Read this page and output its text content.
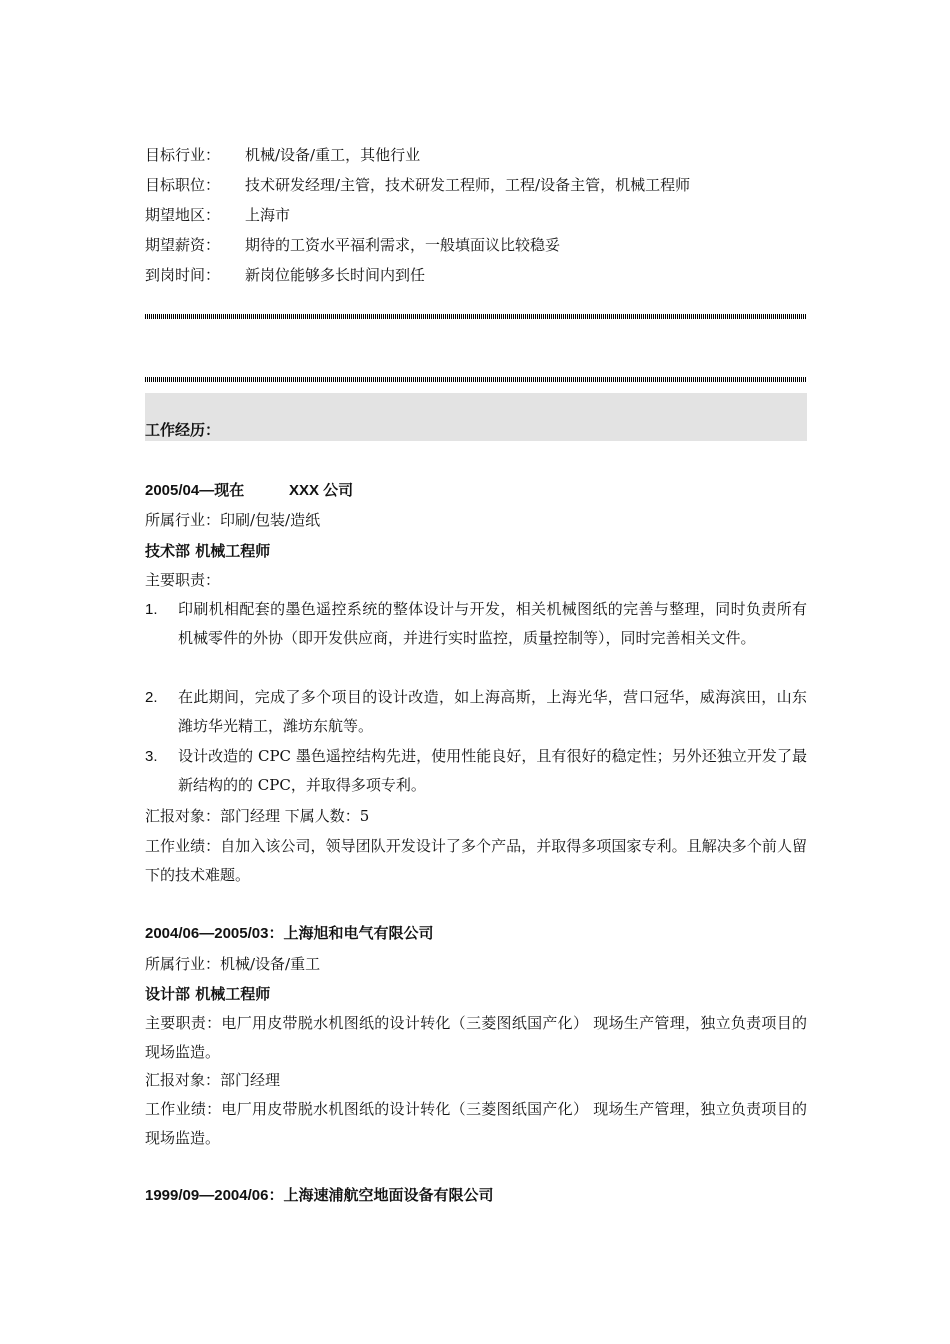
目标行业： 机械/设备/重工，其他行业
目标职位： 技术研发经理/主管，技术研发工程师，工程/设备主管，机械工程师
期望地区： 上海市
期望薪资： 期待的工资水平福利需求，一般填面议比较稳妥
到岗时间： 新岗位能够多长时间内到任
工作经历：
2005/04—现在	XXX 公司
所属行业：印刷/包装/造纸
技术部 机械工程师
主要职责：
1. 印刷机相配套的墨色遥控系统的整体设计与开发，相关机械图纸的完善与整理，同时负责所有机械零件的外协（即开发供应商，并进行实时监控，质量控制等），同时完善相关文件。
2. 在此期间，完成了多个项目的设计改造，如上海高斯，上海光华，营口冠华，威海滨田，山东潍坊华光精工，潍坊东航等。
3. 设计改造的 CPC 墨色遥控结构先进，使用性能良好，且有很好的稳定性；另外还独立开发了最新结构的的 CPC，并取得多项专利。
汇报对象：部门经理 下属人数：5
工作业绩：自加入该公司，领导团队开发设计了多个产品，并取得多项国家专利。且解决多个前人留下的技术难题。
2004/06—2005/03：上海旭和电气有限公司
所属行业：机械/设备/重工
设计部 机械工程师
主要职责：电厂用皮带脱水机图纸的设计转化（三菱图纸国产化） 现场生产管理，独立负责项目的现场监造。
汇报对象：部门经理
工作业绩：电厂用皮带脱水机图纸的设计转化（三菱图纸国产化） 现场生产管理，独立负责项目的现场监造。
1999/09—2004/06：上海速浦航空地面设备有限公司
